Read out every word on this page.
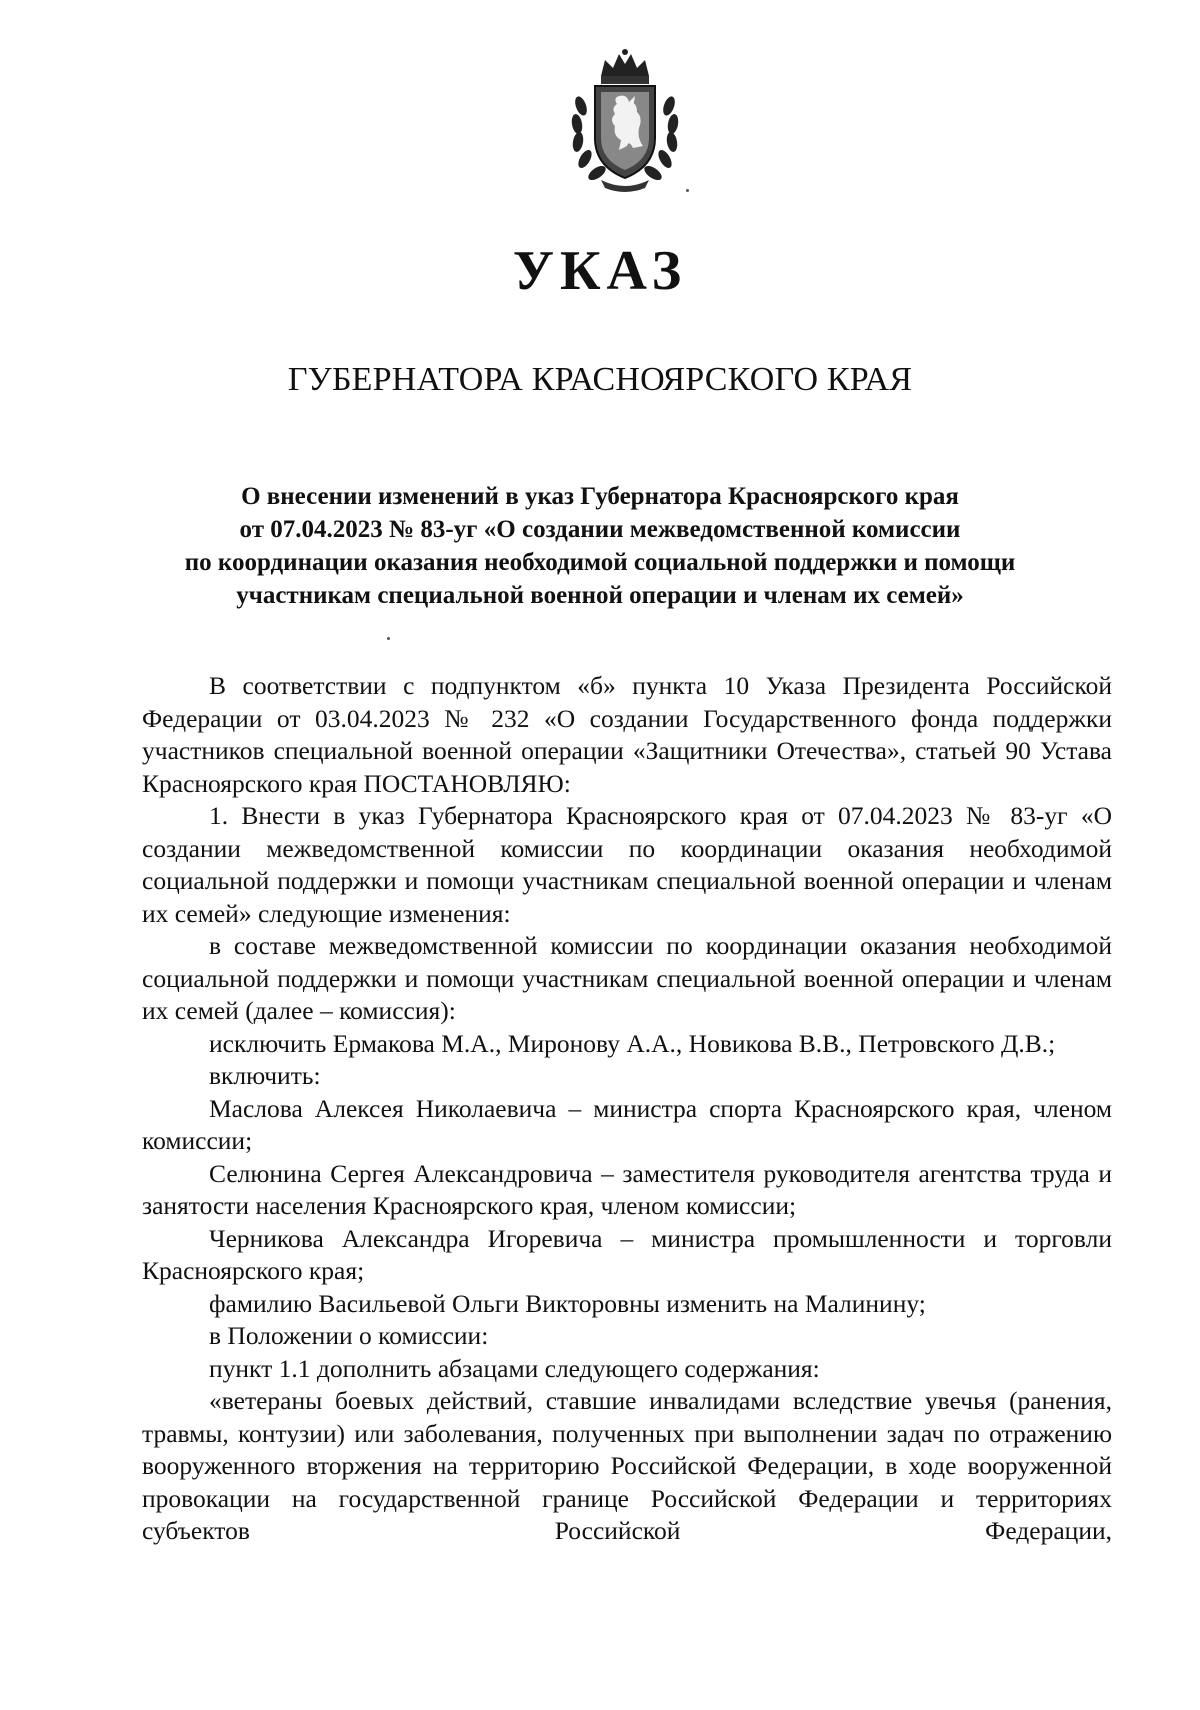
УКАЗ
ГУБЕРНАТОРА КРАСНОЯРСКОГО КРАЯ
О внесении изменений в указ Губернатора Красноярского края
от 07.04.2023 № 83-уг «О создании межведомственной комиссии
по координации оказания необходимой социальной поддержки и помощи
участникам специальной военной операции и членам их семей»

В соответствии с подпунктом «б» пункта 10 Указа Президента Российской Федерации от 03.04.2023 № 232 «О создании Государственного фонда поддержки участников специальной военной операции «Защитники Отечества», статьей 90 Устава Красноярского края ПОСТАНОВЛЯЮ:

1. Внести в указ Губернатора Красноярского края от 07.04.2023 № 83-уг «О создании межведомственной комиссии по координации оказания необходимой социальной поддержки и помощи участникам специальной военной операции и членам их семей» следующие изменения:

в составе межведомственной комиссии по координации оказания необходимой социальной поддержки и помощи участникам специальной военной операции и членам их семей (далее – комиссия):

исключить Ермакова М.А., Миронову А.А., Новикова В.В., Петровского Д.В.;

включить:

Маслова Алексея Николаевича – министра спорта Красноярского края, членом комиссии;

Селюнина Сергея Александровича – заместителя руководителя агентства труда и занятости населения Красноярского края, членом комиссии;

Черникова Александра Игоревича – министра промышленности и торговли Красноярского края;

фамилию Васильевой Ольги Викторовны изменить на Малинину;

в Положении о комиссии:

пункт 1.1 дополнить абзацами следующего содержания:

«ветераны боевых действий, ставшие инвалидами вследствие увечья (ранения, травмы, контузии) или заболевания, полученных при выполнении задач по отражению вооруженного вторжения на территорию Российской Федерации, в ходе вооруженной провокации на государственной границе Российской Федерации и территориях субъектов Российской Федерации,
